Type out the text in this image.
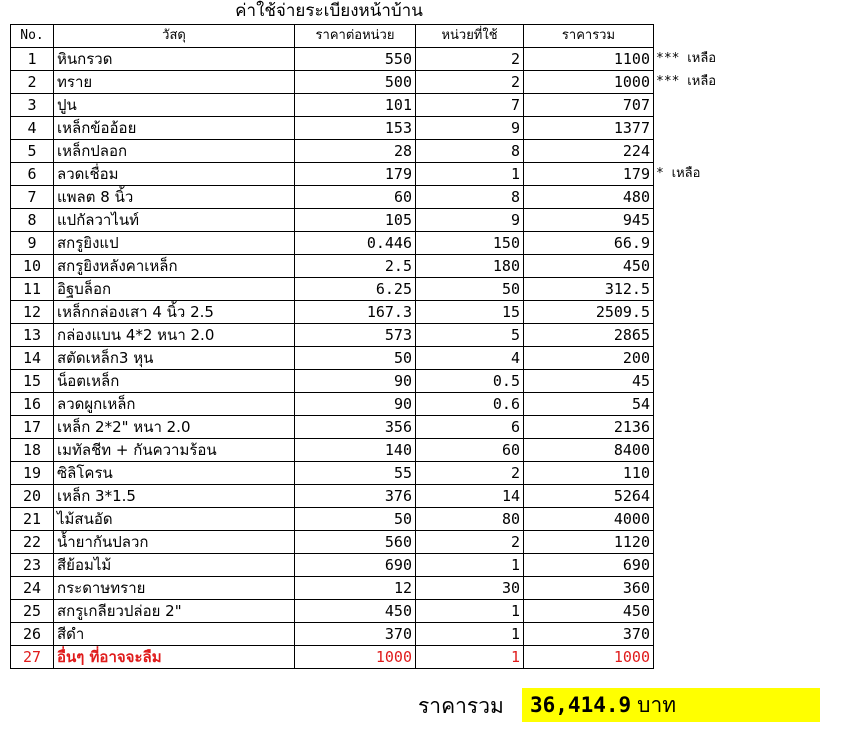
ค่าใช้จ่ายระเบียงหน้าบ้าน
No.	วัสดุ	ราคาต่อหน่วย	หน่วยที่ใช้	ราคารวม
1	หินกรวด	550	2	1100
2	ทราย	500	2	1000
3	ปูน	101	7	707
4	เหล็กข้ออ้อย	153	9	1377
5	เหล็กปลอก	28	8	224
6	ลวดเชื่อม	179	1	179
7	แพลต 8 นิ้ว	60	8	480
8	แปกัลวาไนท์	105	9	945
9	สกรูยิงแป	0.446	150	66.9
10	สกรูยิงหลังคาเหล็ก	2.5	180	450
11	อิฐบล็อก	6.25	50	312.5
12	เหล็กกล่องเสา 4 นิ้ว 2.5	167.3	15	2509.5
13	กล่องแบน 4*2 หนา 2.0	573	5	2865
14	สตัดเหล็ก3 หุน	50	4	200
15	น็อตเหล็ก	90	0.5	45
16	ลวดผูกเหล็ก	90	0.6	54
17	เหล็ก 2*2" หนา 2.0	356	6	2136
18	เมทัลชีท + กันความร้อน	140	60	8400
19	ซิลิโครน	55	2	110
20	เหล็ก 3*1.5	376	14	5264
21	ไม้สนอัด	50	80	4000
22	น้ำยากันปลวก	560	2	1120
23	สีย้อมไม้	690	1	690
24	กระดาษทราย	12	30	360
25	สกรูเกลียวปล่อย 2"	450	1	450
26	สีดำ	370	1	370
27	อื่นๆ ที่อาจจะลืม	1000	1	1000
*** เหลือ
*** เหลือ
* เหลือ
ราคารวม	36,414.9 บาท
